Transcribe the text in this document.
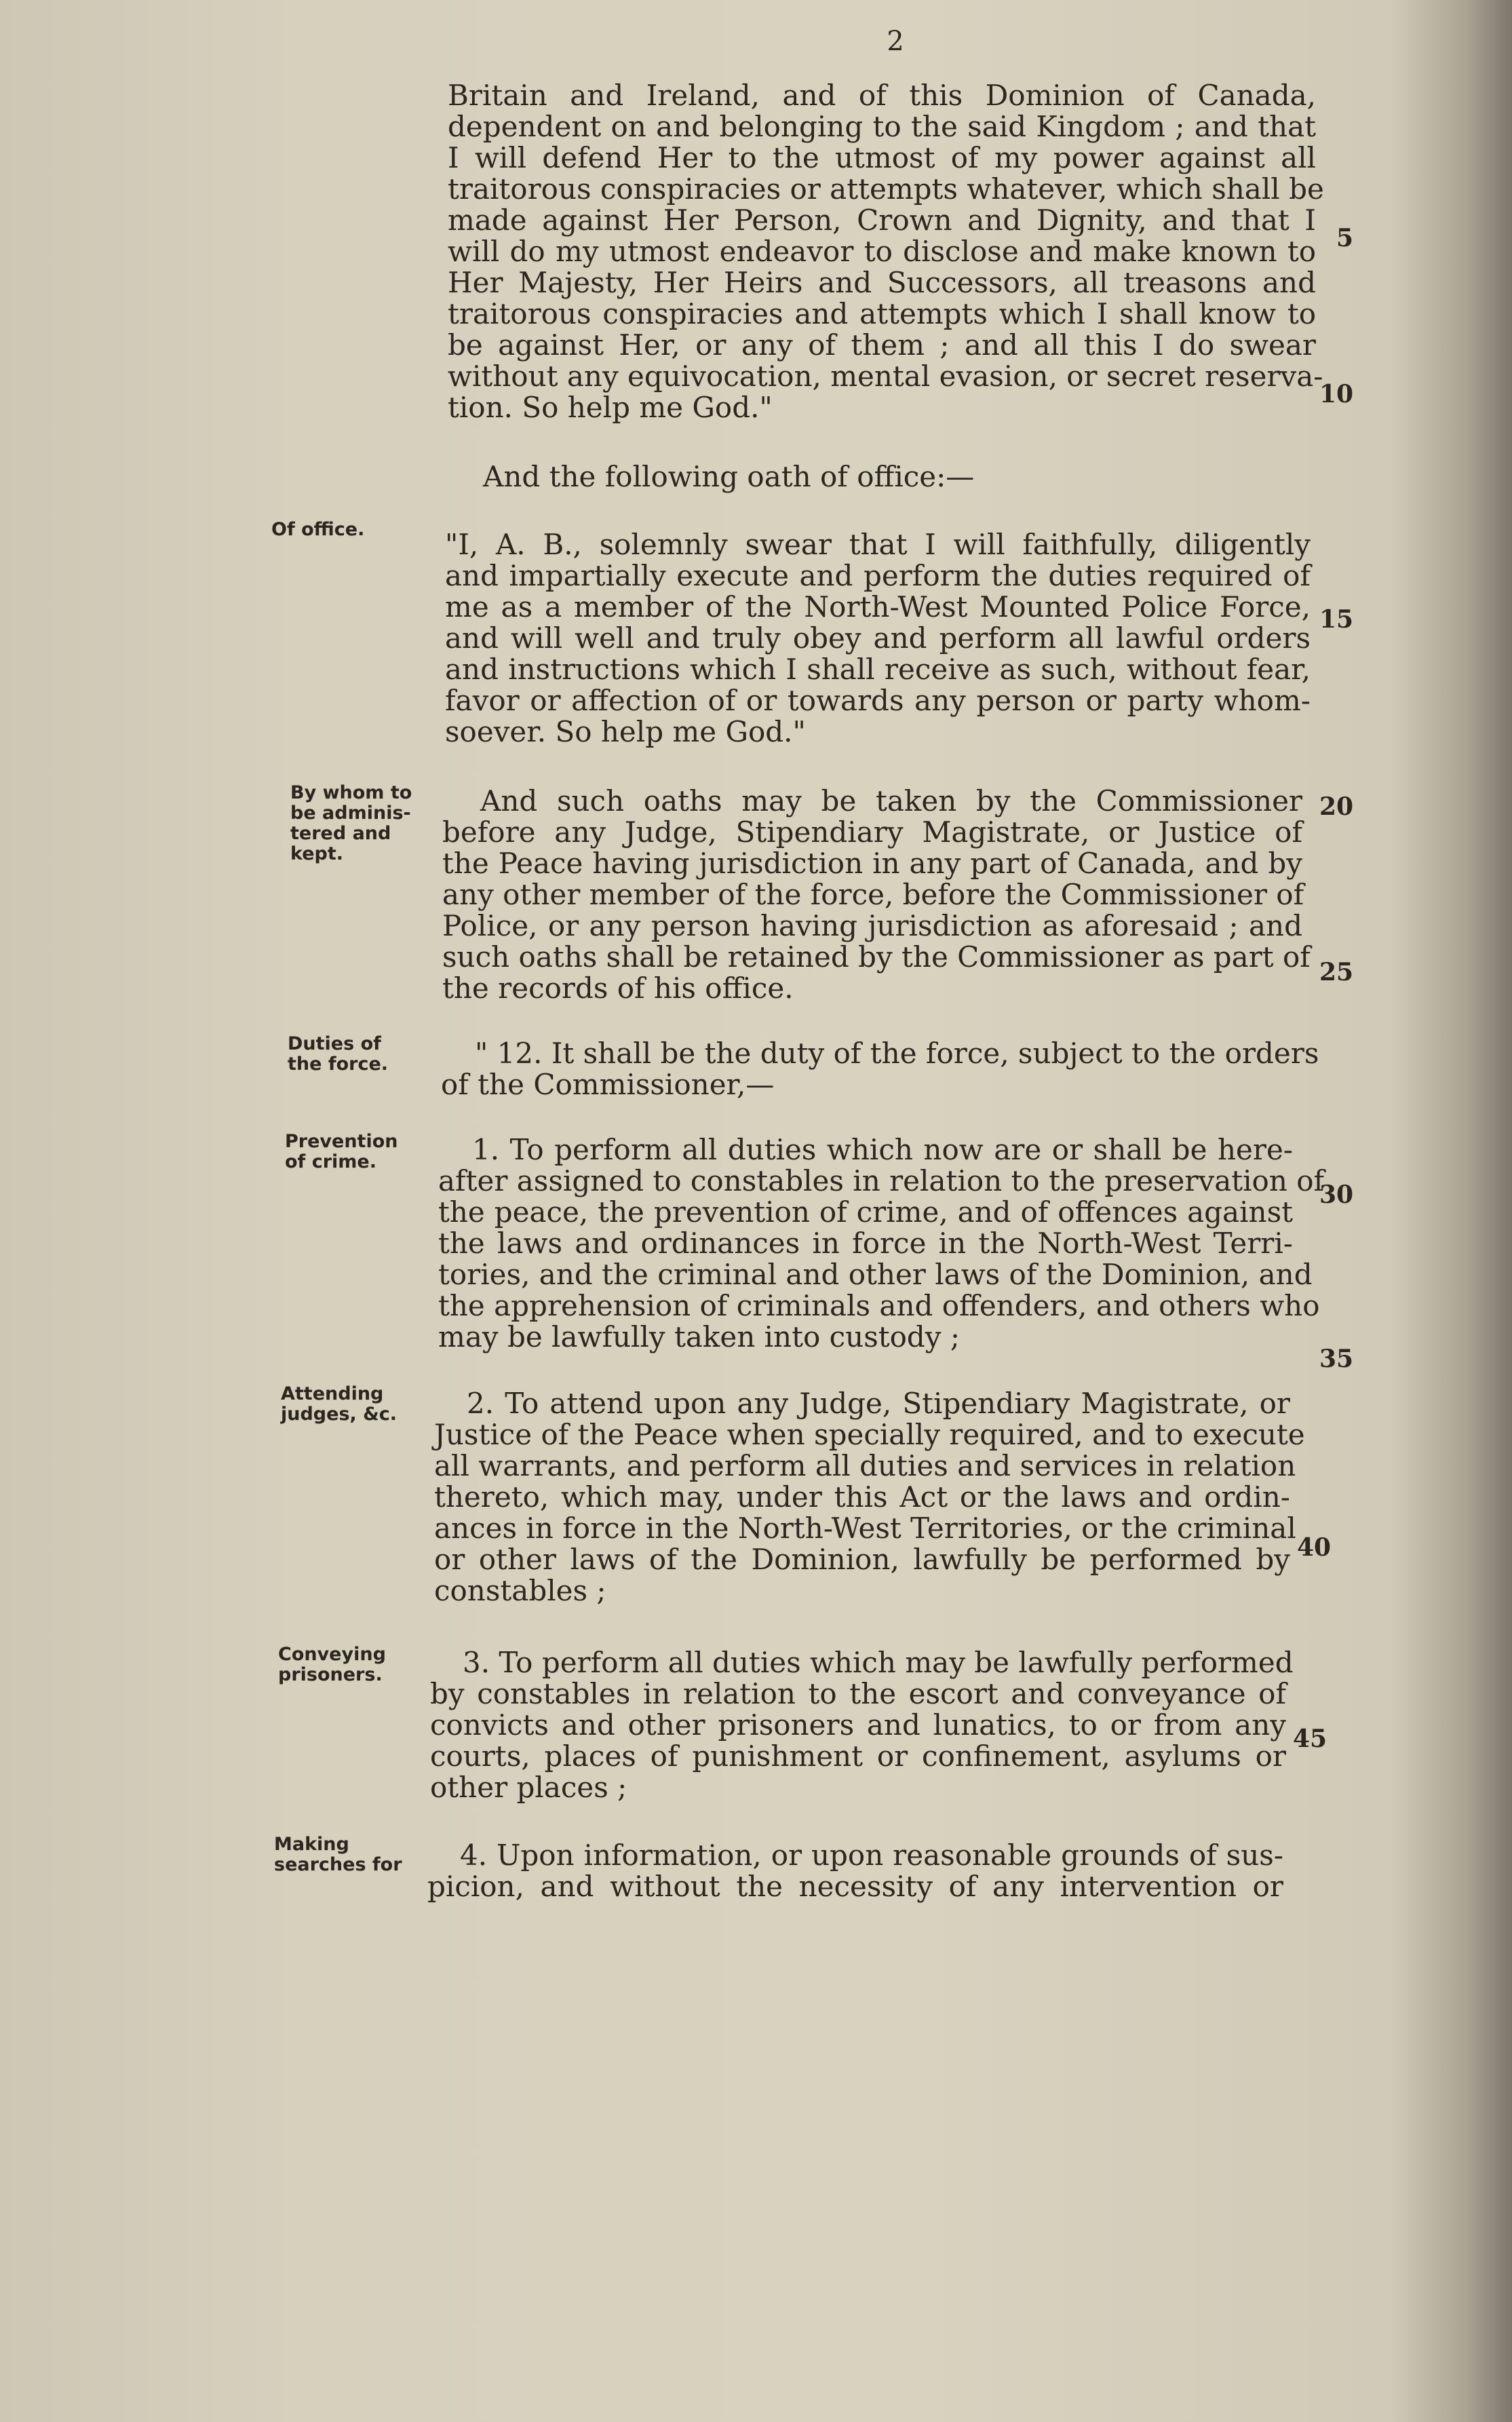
2
Britain and Ireland, and of this Dominion of Canada,
dependent on and belonging to the said Kingdom ; and that
I will defend Her to the utmost of my power against all
traitorous conspiracies or attempts whatever, which shall be
made against Her Person, Crown and Dignity, and that I
will do my utmost endeavor to disclose and make known to
Her Majesty, Her Heirs and Successors, all treasons and
traitorous conspiracies and attempts which I shall know to
be against Her, or any of them ; and all this I do swear
without any equivocation, mental evasion, or secret reserva-
tion. So help me God."
And the following oath of office:—
Of office.	"I, A. B., solemnly swear that I will faithfully, diligently
and impartially execute and perform the duties required of
me as a member of the North-West Mounted Police Force,
and will well and truly obey and perform all lawful orders
and instructions which I shall receive as such, without fear,
favor or affection of or towards any person or party whom-
soever. So help me God."
By whom to
be adminis-
tered and
kept.
And such oaths may be taken by the Commissioner
before any Judge, Stipendiary Magistrate, or Justice of
the Peace having jurisdiction in any part of Canada, and by
any other member of the force, before the Commissioner of
Police, or any person having jurisdiction as aforesaid ; and
such oaths shall be retained by the Commissioner as part of
the records of his office.
Duties of
the force.	" 12. It shall be the duty of the force, subject to the orders
of the Commissioner,—
Prevention
of crime.	1. To perform all duties which now are or shall be here-
after assigned to constables in relation to the preservation of
the peace, the prevention of crime, and of offences against
the laws and ordinances in force in the North-West Terri-
tories, and the criminal and other laws of the Dominion, and
the apprehension of criminals and offenders, and others who
may be lawfully taken into custody ;
Attending
judges, &c.	2. To attend upon any Judge, Stipendiary Magistrate, or
Justice of the Peace when specially required, and to execute
all warrants, and perform all duties and services in relation
thereto, which may, under this Act or the laws and ordin-
ances in force in the North-West Territories, or the criminal
or other laws of the Dominion, lawfully be performed by
constables ;
Conveying
prisoners.	3. To perform all duties which may be lawfully performed
by constables in relation to the escort and conveyance of
convicts and other prisoners and lunatics, to or from any
courts, places of punishment or confinement, asylums or
other places ;
Making
searches for	4. Upon information, or upon reasonable grounds of sus-
picion, and without the necessity of any intervention or
5
10
15
20
25
30
35
40
45
